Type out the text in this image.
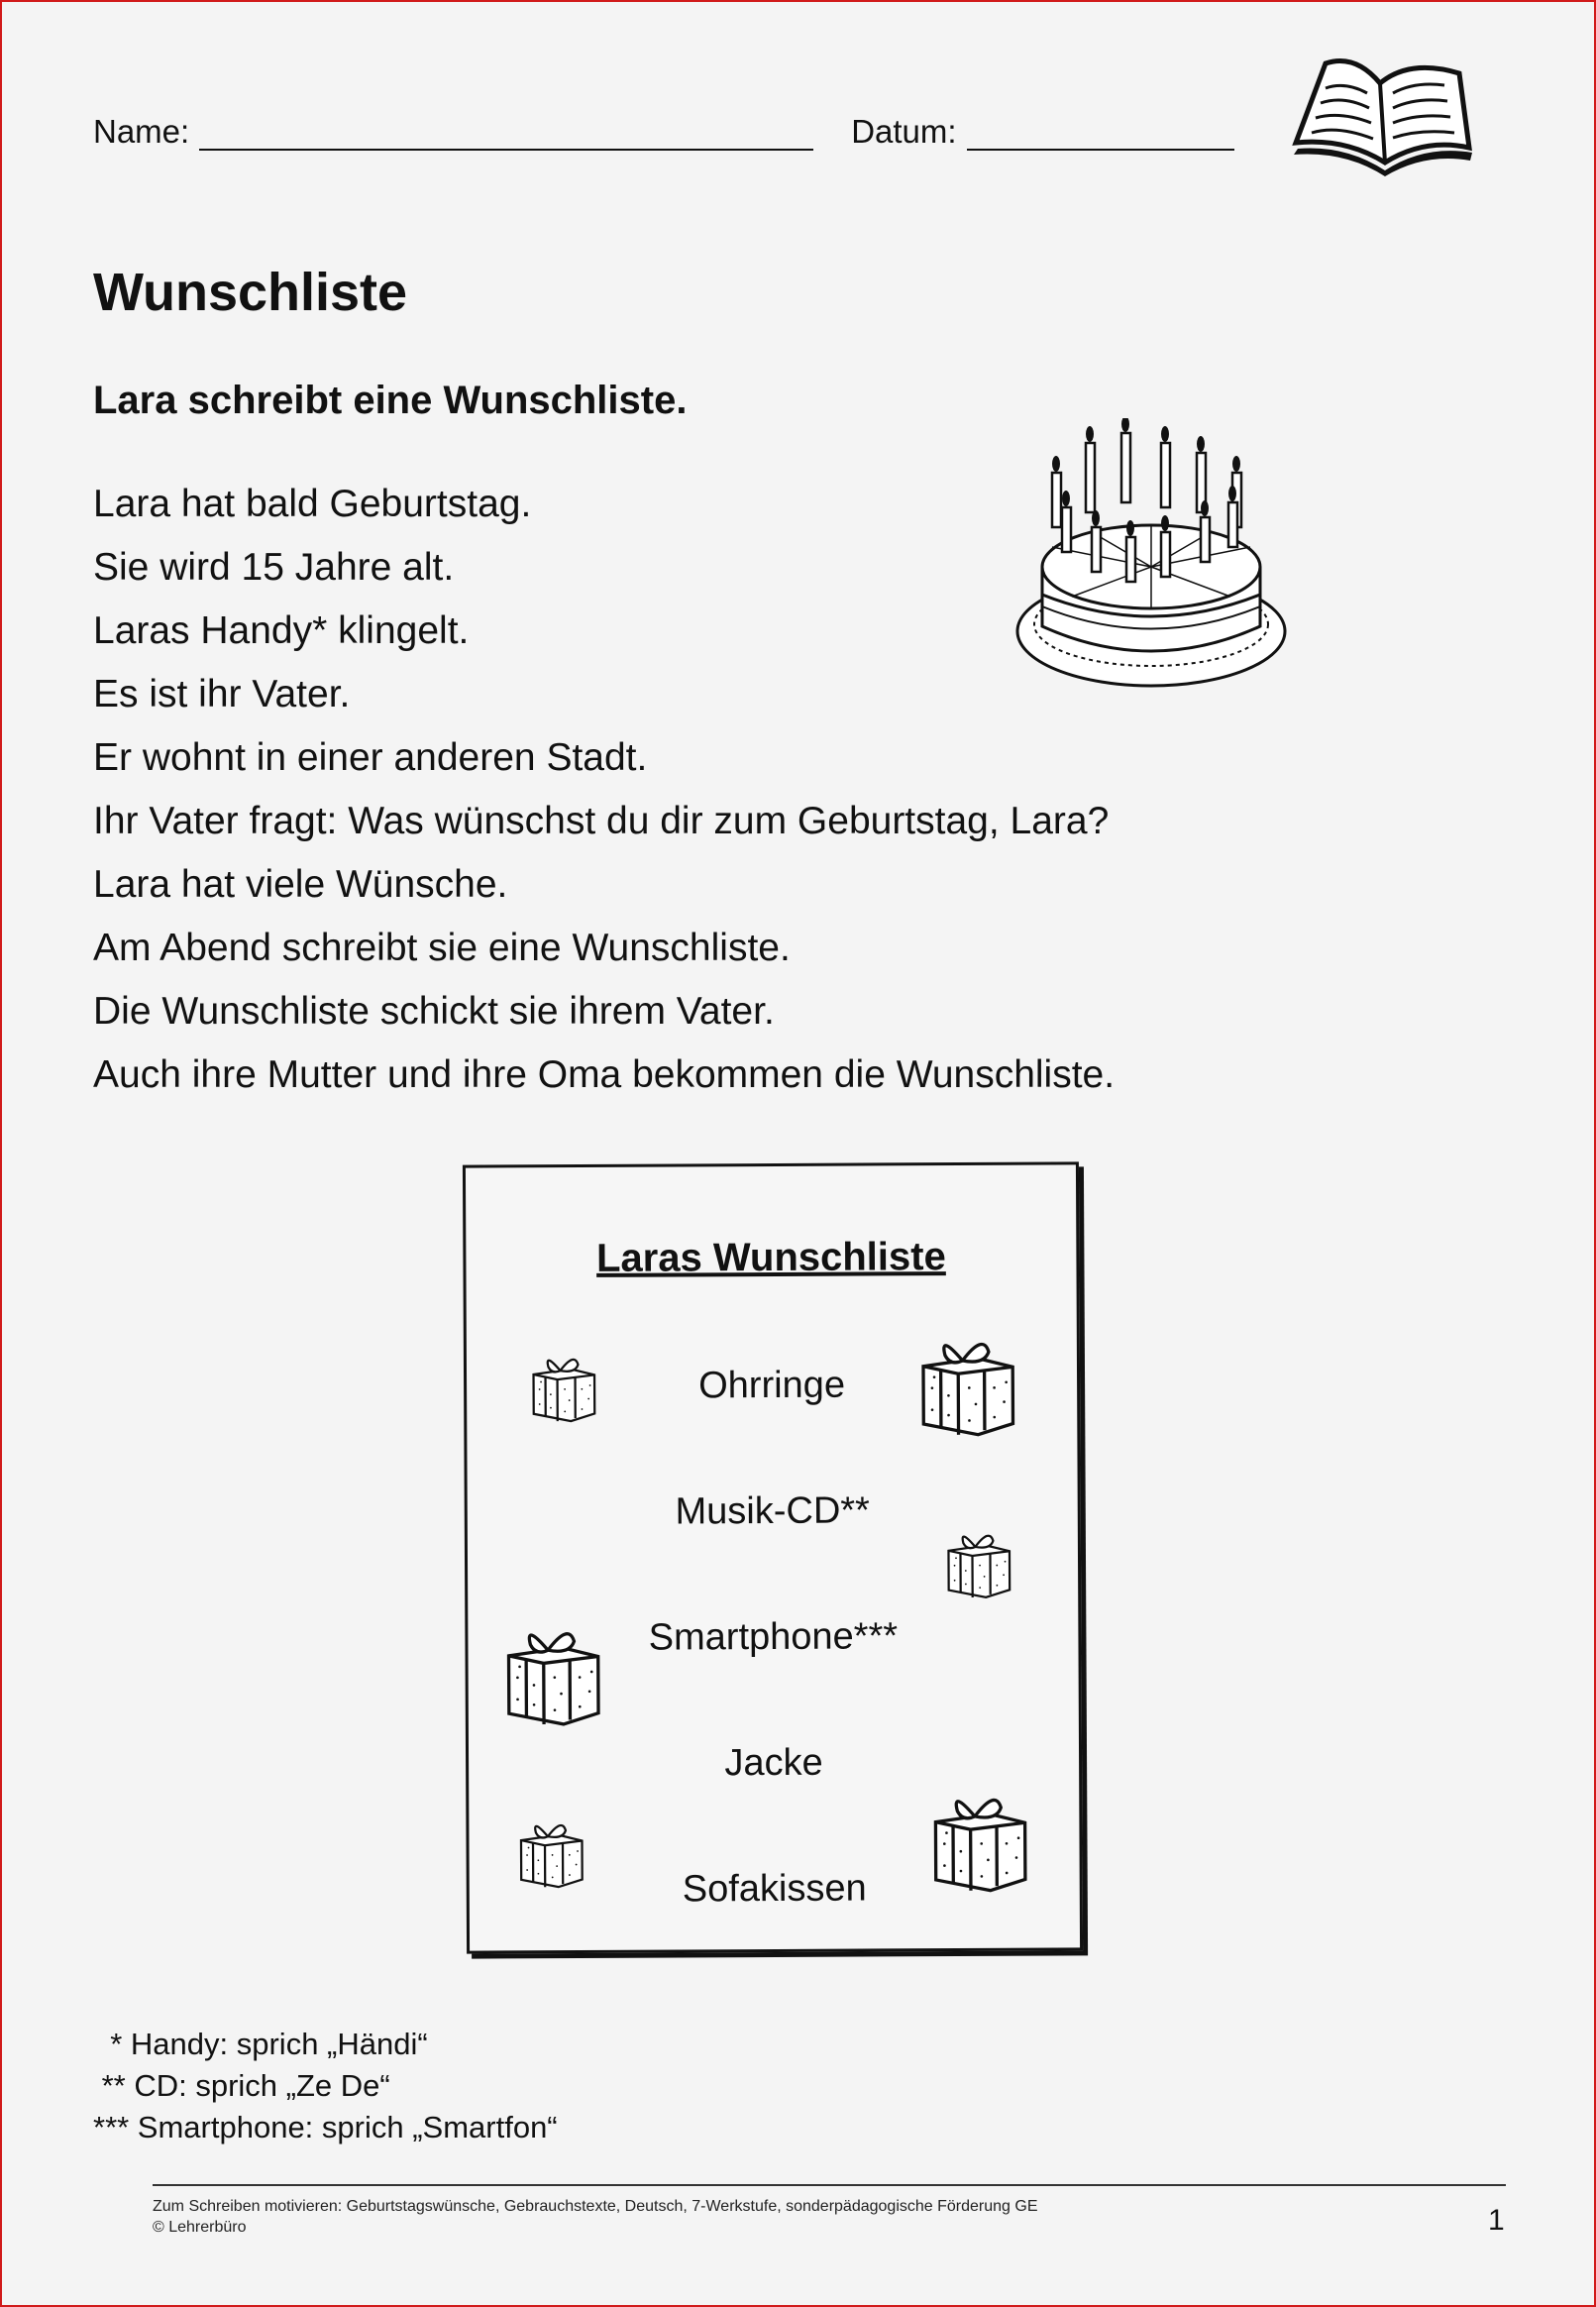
Name:	Datum:
Wunschliste
Lara schreibt eine Wunschliste.
Lara hat bald Geburtstag.
Sie wird 15 Jahre alt.
Laras Handy* klingelt.
Es ist ihr Vater.
Er wohnt in einer anderen Stadt.
Ihr Vater fragt: Was wünschst du dir zum Geburtstag, Lara?
Lara hat viele Wünsche.
Am Abend schreibt sie eine Wunschliste.
Die Wunschliste schickt sie ihrem Vater.
Auch ihre Mutter und ihre Oma bekommen die Wunschliste.
Laras Wunschliste
Ohrringe
Musik-CD**
Smartphone***
Jacke
Sofakissen
* Handy: sprich „Händi“
** CD: sprich „Ze De“
*** Smartphone: sprich „Smartfon“
Zum Schreiben motivieren: Geburtstagswünsche, Gebrauchstexte, Deutsch, 7-Werkstufe, sonderpädagogische Förderung GE
© Lehrerbüro	1
